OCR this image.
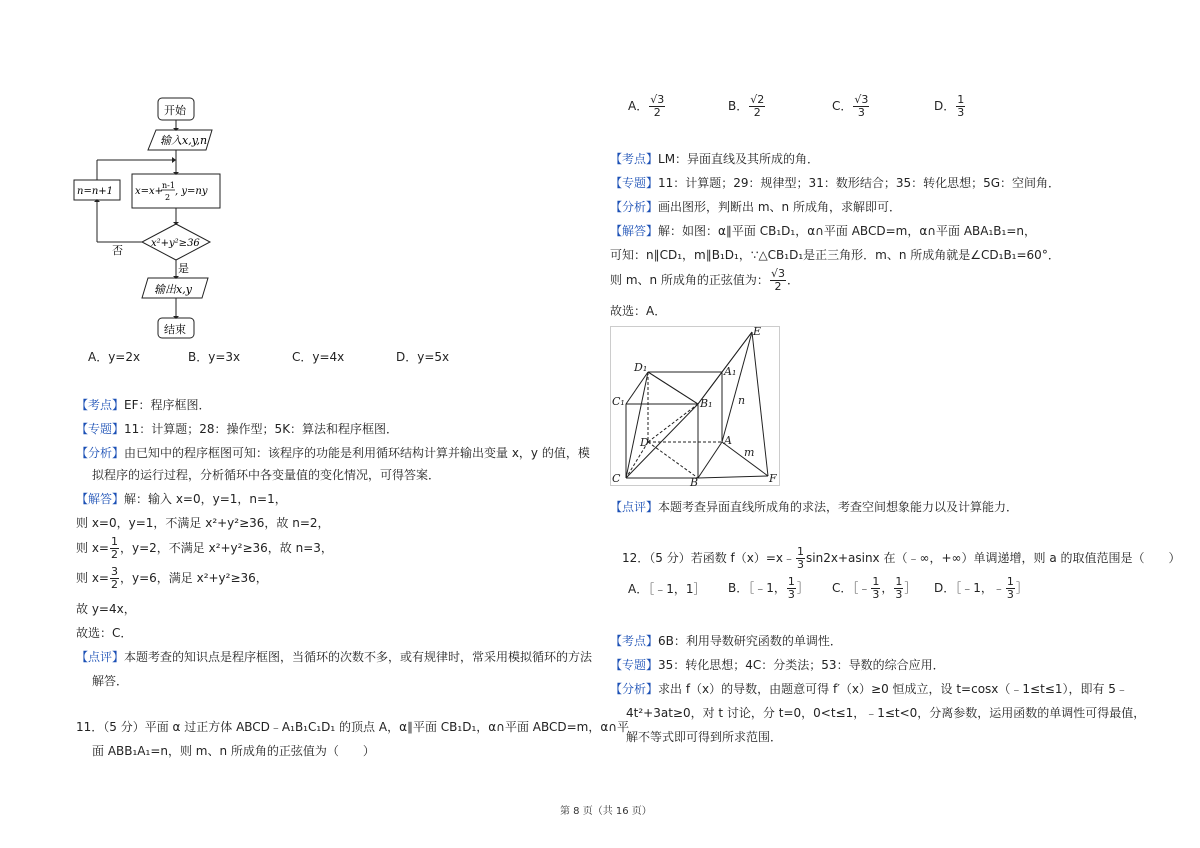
开始
输入x,y,n
x=x+
n-1
2
, y=ny
n=n+1
x²+y²≥36
否
是
输出x,y
结束
A．y=2x	B．y=3x	C．y=4x	D．y=5x
【考点】EF：程序框图．
【专题】11：计算题；28：操作型；5K：算法和程序框图．
【分析】由已知中的程序框图可知：该程序的功能是利用循环结构计算并输出变量 x，y 的值，模
拟程序的运行过程，分析循环中各变量值的变化情况，可得答案．
【解答】解：输入 x=0，y=1，n=1，
则 x=0，y=1，不满足 x²+y²≥36，故 n=2，
则 $x= \frac{1}{2}$ ，y=2，不满足 x²+y²≥36，故 n=3，
则 $x= \frac{3}{2}$ ，y=6，满足 x²+y²≥36，
故 y=4x，
故选：C．
【点评】本题考查的知识点是程序框图，当循环的次数不多，或有规律时，常采用模拟循环的方法
解答．
11．（5 分）平面 α 过正方体 ABCD﹣A₁B₁C₁D₁ 的顶点 A，α∥平面 CB₁D₁，α∩平面 ABCD=m，α∩平
面 ABB₁A₁=n，则 m、n 所成角的正弦值为（　　）
A． $\frac{√3}{2}$	B． $\frac{√2}{2}$	C． $\frac{√3}{3}$	D． $\frac{1}{3}$
【考点】LM：异面直线及其所成的角．
【专题】11：计算题；29：规律型；31：数形结合；35：转化思想；5G：空间角．
【分析】画出图形，判断出 m、n 所成角，求解即可．
【解答】解：如图：α∥平面 CB₁D₁，α∩平面 ABCD=m，α∩平面 ABA₁B₁=n，
可知：n∥CD₁，m∥B₁D₁，∵△CB₁D₁是正三角形．m、n 所成角就是∠CD₁B₁=60°．
则 m、n 所成角的正弦值为： $\frac{√3}{2}$ ．
故选：A．
E
D₁	A₁
C₁	B₁ n
D	A
m
C	B	F
【点评】本题考查异面直线所成角的求法，考查空间想象能力以及计算能力．
12．（5 分）若函数 f（x）=x﹣ $\frac{1}{3} \sin 2x+asinx$ 在（﹣∞，+∞）单调递增，则 a 的取值范围是（　　）
A．［﹣1，1］ B．［﹣1， $\frac{1}{3}$ ］ C．［﹣ $\frac{1}{3}$ ， $\frac{1}{3}$ ］ D．［﹣1，﹣ $\frac{1}{3}$ ］
【考点】6B：利用导数研究函数的单调性．
【专题】35：转化思想；4C：分类法；53：导数的综合应用．
【分析】求出 f（x）的导数，由题意可得 f′（x）≥0 恒成立，设 t=cosx（﹣1≤t≤1），即有 5﹣
4t²+3at≥0，对 t 讨论，分 t=0，0<t≤1，﹣1≤t<0，分离参数，运用函数的单调性可得最值，
解不等式即可得到所求范围．
第 8 页（共 16 页）
